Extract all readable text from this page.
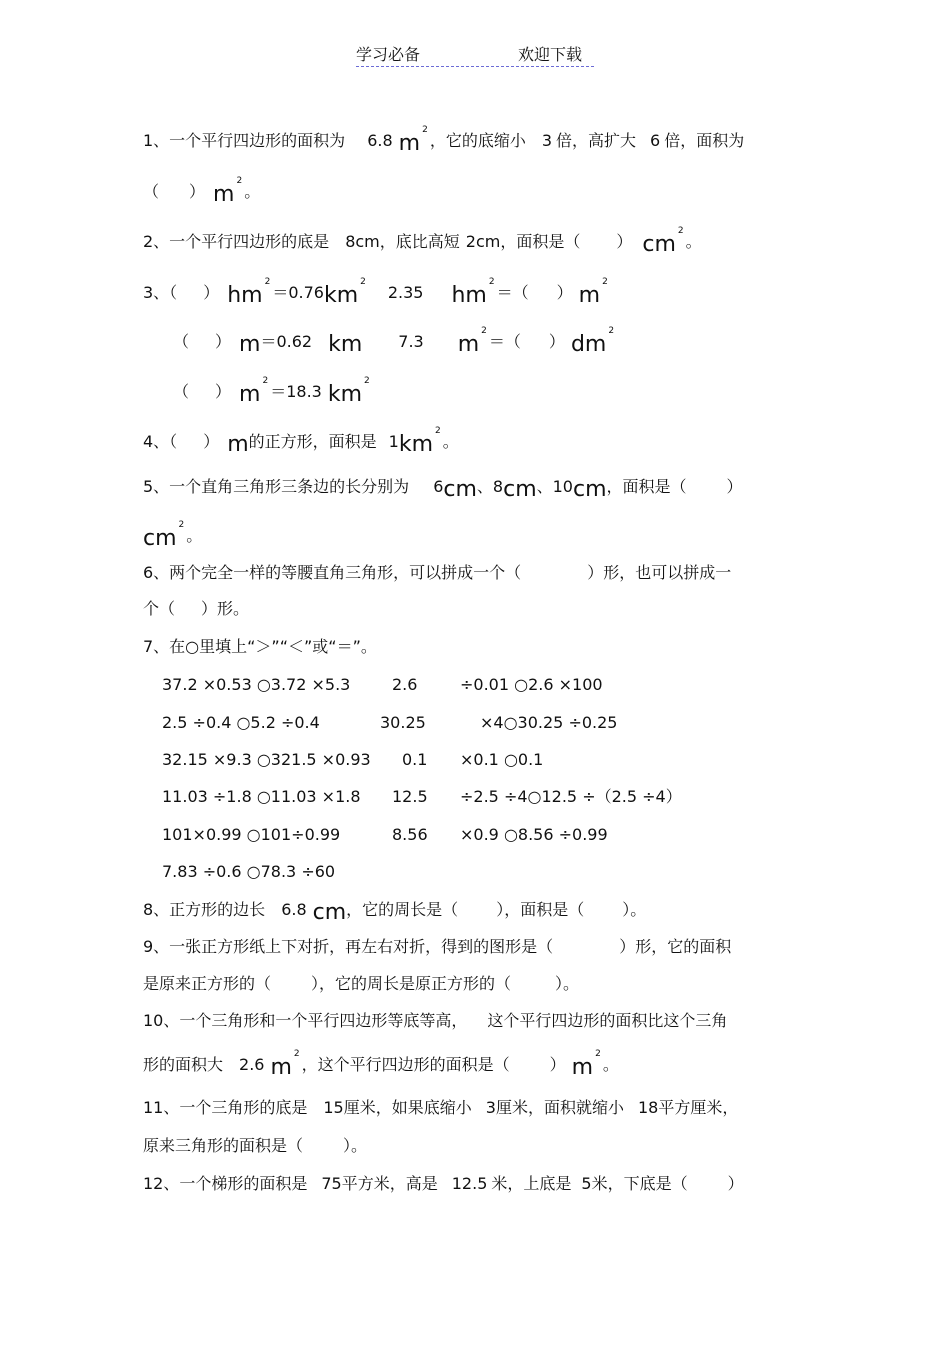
学习必备	欢迎下载
1、一个平行四边形的面积为 6.8 $m^2$，它的底缩小 3 倍，高扩大 6 倍，面积为
（ ） $m^2$。
2、一个平行四边形的底是 8cm，底比高短 2cm，面积是（ ） $cm^2$。
3、（ ） $hm^2=0.76km^22.35$ $hm^2=$（ ） $m^2$
（ ） m＝0.62 km 7.3 $m^2=$（ ） $dm^2$
（ ） $m^2=18.3$ $km^2$
4、（ ） m的正方形，面积是 $1km^2$。
5、一个直角三角形三条边的长分别为 6cm、8cm、10cm，面积是（	）
$cm^2$。
6、两个完全一样的等腰直角三角形，可以拼成一个（	）形，也可以拼成一
个（ ）形。
7、在○里填上“＞”“＜”或“＝”。
37.2 ×0.53 ○3.72 ×5.3	2.6	÷0.01 ○2.6 ×100
2.5 ÷0.4 ○5.2 ÷0.4	30.25	×4○30.25 ÷0.25
32.15 ×9.3 ○321.5 ×0.93 0.1 ×0.1 ○0.1
11.03 ÷1.8 ○11.03 ×1.8 12.5 ÷2.5 ÷4○12.5 ÷（2.5 ÷4）
101×0.99 ○101÷0.99	8.56 ×0.9 ○8.56 ÷0.99
7.83 ÷0.6 ○78.3 ÷60
8、正方形的边长 6.8 cm，它的周长是（ ），面积是（ ）。
9、一张正方形纸上下对折，再左右对折，得到的图形是（	）形，它的面积
是原来正方形的（	），它的周长是原正方形的（	）。
10、一个三角形和一个平行四边形等底等高， 这个平行四边形的面积比这个三角
形的面积大 2.6 $m^2$，这个平行四边形的面积是（	） $m^2$。
11、一个三角形的底是 15厘米，如果底缩小 3厘米，面积就缩小 18平方厘米，
原来三角形的面积是（	）。
12、一个梯形的面积是 75平方米，高是 12.5 米，上底是 5米，下底是（	）
